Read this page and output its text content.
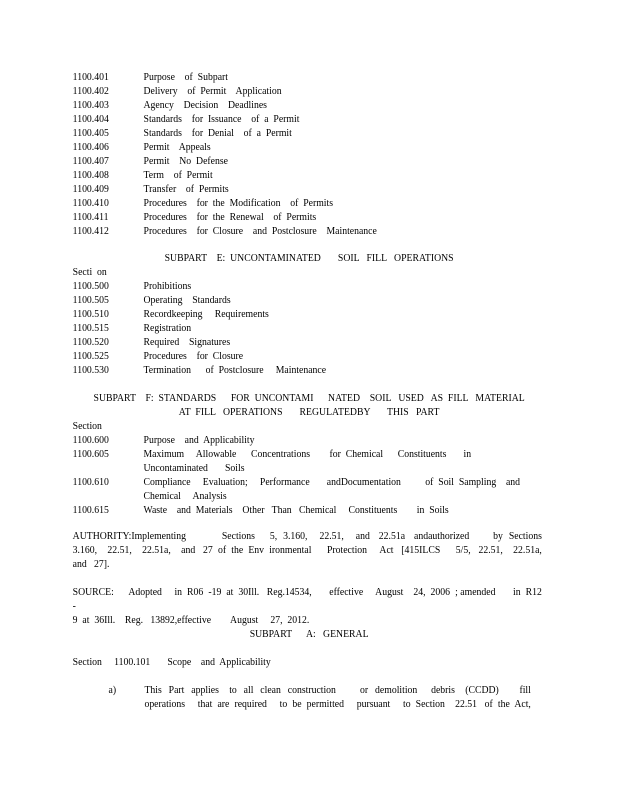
1100.401	Purpose    of  Subpart
1100.402	Delivery    of  Permit    Application
1100.403	Agency    Decision    Deadlines
1100.404	Standards    for  Issuance    of  a  Permit
1100.405	Standards    for  Denial    of  a  Permit
1100.406	Permit    Appeals
1100.407	Permit    No  Defense
1100.408	Term    of  Permit
1100.409	Transfer    of  Permits
1100.410	Procedures    for  the  Modification    of  Permits
1100.411	Procedures    for  the  Renewal    of  Permits
1100.412	Procedures    for  Closure    and  Postclosure    Maintenance
SUBPART    E:  UNCONTAMINATED       SOIL   FILL   OPERATIONS
Secti  on
1100.500	Prohibitions
1100.505	Operating    Standards
1100.510	Recordkeeping     Requirements
1100.515	Registration
1100.520	Required    Signatures
1100.525	Procedures    for  Closure
1100.530	Termination      of  Postclosure     Maintenance
SUBPART    F:  STANDARDS      FOR  UNCONTAMI      NATED    SOIL   USED   AS  FILL   MATERIAL
AT  FILL   OPERATIONS       REGULATEDBY       THIS   PART
Section
1100.600	Purpose    and  Applicability
1100.605	Maximum     Allowable      Concentrations        for  Chemical      Constituents       in
Uncontaminated       Soils
1100.610	Compliance     Evaluation;     Performance       andDocumentation          of  Soil  Sampling    and
Chemical     Analysis
1100.615	Waste    and  Materials    Other   Than   Chemical     Constituents        in  Soils
AUTHORITY:Implementing            Sections     5,  3.160,    22.51,    and   22.51a   andauthorized        by  Sections
3.160,    22.51,    22.51a,    and   27  of  the  Env  ironmental      Protection     Act   [415ILCS      5/5,   22.51,    22.51a,
and   27].
SOURCE:      Adopted     in  R06  -19  at  30Ill.   Reg.14534,       effective     August    24,  2006  ; amended       in  R12  -
9  at  36Ill.    Reg.   13892,effective        August     27,  2012.
SUBPART      A:   GENERAL
Section     1100.101       Scope    and  Applicability
a)	This  Part  applies   to  all  clean  construction       or  demolition    debris   (CCDD)      fill
operations     that  are  required     to  be  permitted     pursuant     to  Section    22.51   of  the  Act,
